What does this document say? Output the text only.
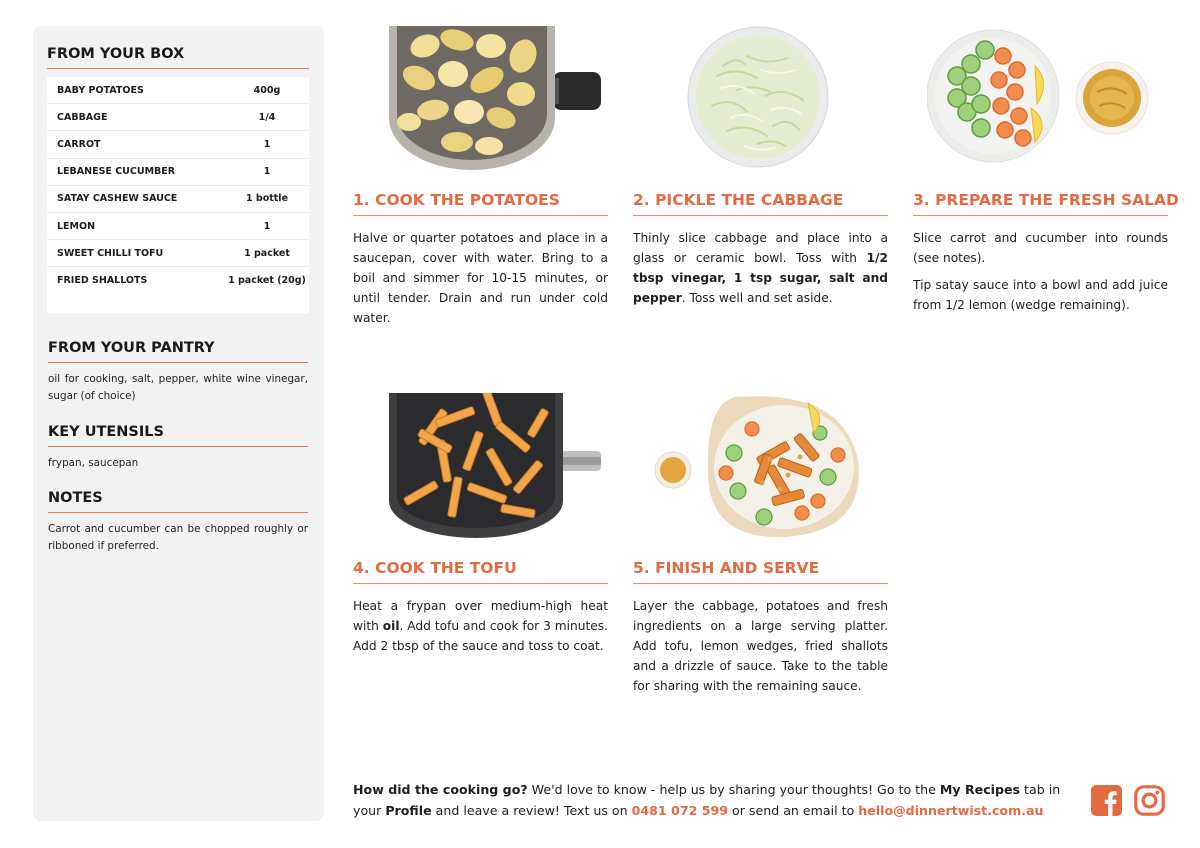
FROM YOUR BOX
BABY POTATOES	400g
CABBAGE	1/4
CARROT	1
LEBANESE CUCUMBER	1
SATAY CASHEW SAUCE	1 bottle
LEMON	1
SWEET CHILLI TOFU	1 packet
FRIED SHALLOTS	1 packet (20g)
FROM YOUR PANTRY

oil for cooking, salt, pepper, white wine vinegar, sugar (of choice)

KEY UTENSILS

frypan, saucepan

NOTES

Carrot and cucumber can be chopped roughly or ribboned if preferred.

1. COOK THE POTATOES

Halve or quarter potatoes and place in a saucepan, cover with water. Bring to a boil and simmer for 10-15 minutes, or until tender. Drain and run under cold water.

2. PICKLE THE CABBAGE

Thinly slice cabbage and place into a glass or ceramic bowl. Toss with 1/2 tbsp vinegar, 1 tsp sugar, salt and pepper. Toss well and set aside.

3. PREPARE THE FRESH SALAD

Slice carrot and cucumber into rounds (see notes).

Tip satay sauce into a bowl and add juice from 1/2 lemon (wedge remaining).

4. COOK THE TOFU

Heat a frypan over medium-high heat with oil. Add tofu and cook for 3 minutes. Add 2 tbsp of the sauce and toss to coat.

5. FINISH AND SERVE

Layer the cabbage, potatoes and fresh ingredients on a large serving platter. Add tofu, lemon wedges, fried shallots and a drizzle of sauce. Take to the table for sharing with the remaining sauce.

How did the cooking go? We'd love to know - help us by sharing your thoughts! Go to the My Recipes tab in your Profile and leave a review! Text us on 0481 072 599 or send an email to hello@dinnertwist.com.au
